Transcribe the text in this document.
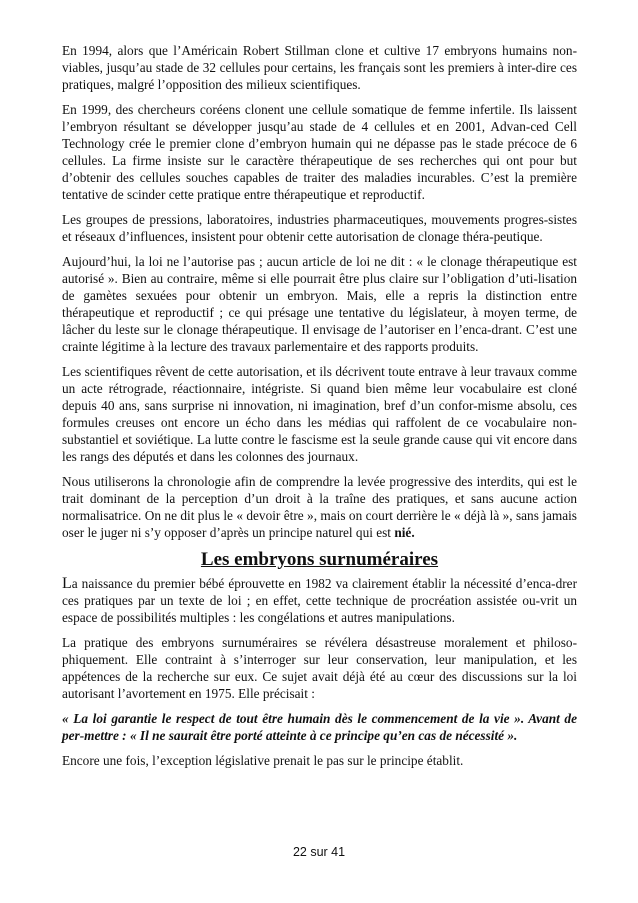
En 1994, alors que l’Américain Robert Stillman clone et cultive 17 embryons humains non-viables, jusqu’au stade de 32 cellules pour certains, les français sont les premiers à inter-dire ces pratiques, malgré l’opposition des milieux scientifiques.

En 1999, des chercheurs coréens clonent une cellule somatique de femme infertile. Ils laissent l’embryon résultant se développer jusqu’au stade de 4 cellules et en 2001, Advan-ced Cell Technology crée le premier clone d’embryon humain qui ne dépasse pas le stade précoce de 6 cellules. La firme insiste sur le caractère thérapeutique de ses recherches qui ont pour but d’obtenir des cellules souches capables de traiter des maladies incurables. C’est la première tentative de scinder cette pratique entre thérapeutique et reproductif.

Les groupes de pressions, laboratoires, industries pharmaceutiques, mouvements progres-sistes et réseaux d’influences, insistent pour obtenir cette autorisation de clonage théra-peutique.

Aujourd’hui, la loi ne l’autorise pas ; aucun article de loi ne dit : « le clonage thérapeutique est autorisé ». Bien au contraire, même si elle pourrait être plus claire sur l’obligation d’uti-lisation de gamètes sexuées pour obtenir un embryon. Mais, elle a repris la distinction entre thérapeutique et reproductif ; ce qui présage une tentative du législateur, à moyen terme, de lâcher du leste sur le clonage thérapeutique. Il envisage de l’autoriser en l’enca-drant. C’est une crainte légitime à la lecture des travaux parlementaire et des rapports produits.

Les scientifiques rêvent de cette autorisation, et ils décrivent toute entrave à leur travaux comme un acte rétrograde, réactionnaire, intégriste. Si quand bien même leur vocabulaire est cloné depuis 40 ans, sans surprise ni innovation, ni imagination, bref d’un confor-misme absolu, ces formules creuses ont encore un écho dans les médias qui raffolent de ce vocabulaire non-substantiel et soviétique. La lutte contre le fascisme est la seule grande cause qui vit encore dans les rangs des députés et dans les colonnes des journaux.

Nous utiliserons la chronologie afin de comprendre la levée progressive des interdits, qui est le trait dominant de la perception d’un droit à la traîne des pratiques, et sans aucune action normalisatrice. On ne dit plus le « devoir être », mais on court derrière le « déjà là », sans jamais oser le juger ni s’y opposer d’après un principe naturel qui est nié.

Les embryons surnuméraires

La naissance du premier bébé éprouvette en 1982 va clairement établir la nécessité d’enca-drer ces pratiques par un texte de loi ; en effet, cette technique de procréation assistée ou-vrit un espace de possibilités multiples : les congélations et autres manipulations.

La pratique des embryons surnuméraires se révélera désastreuse moralement et philoso-phiquement. Elle contraint à s’interroger sur leur conservation, leur manipulation, et les appétences de la recherche sur eux. Ce sujet avait déjà été au cœur des discussions sur la loi autorisant l’avortement en 1975. Elle précisait :

« La loi garantie le respect de tout être humain dès le commencement de la vie ». Avant de per-mettre : « Il ne saurait être porté atteinte à ce principe qu’en cas de nécessité ».

Encore une fois, l’exception législative prenait le pas sur le principe établit.

22 sur 41
